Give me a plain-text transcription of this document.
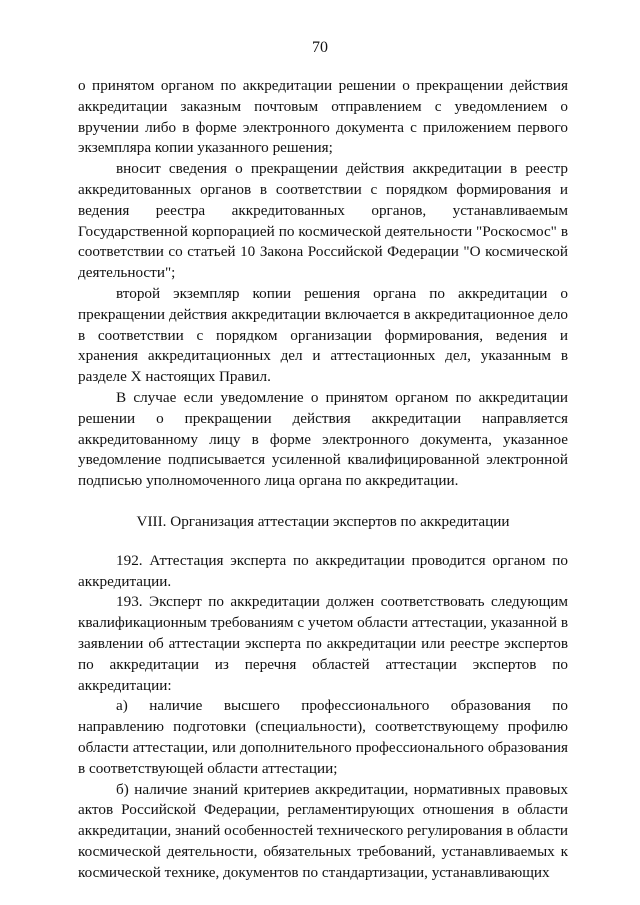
70

о принятом органом по аккредитации решении о прекращении действия аккредитации заказным почтовым отправлением с уведомлением о вручении либо в форме электронного документа с приложением первого экземпляра копии указанного решения;

вносит сведения о прекращении действия аккредитации в реестр аккредитованных органов в соответствии с порядком формирования и ведения реестра аккредитованных органов, устанавливаемым Государственной корпорацией по космической деятельности "Роскосмос" в соответствии со статьей 10 Закона Российской Федерации "О космической деятельности";

второй экземпляр копии решения органа по аккредитации о прекращении действия аккредитации включается в аккредитационное дело в соответствии с порядком организации формирования, ведения и хранения аккредитационных дел и аттестационных дел, указанным в разделе X настоящих Правил.

В случае если уведомление о принятом органом по аккредитации решении о прекращении действия аккредитации направляется аккредитованному лицу в форме электронного документа, указанное уведомление подписывается усиленной квалифицированной электронной подписью уполномоченного лица органа по аккредитации.

VIII. Организация аттестации экспертов по аккредитации

192. Аттестация эксперта по аккредитации проводится органом по аккредитации.

193. Эксперт по аккредитации должен соответствовать следующим квалификационным требованиям с учетом области аттестации, указанной в заявлении об аттестации эксперта по аккредитации или реестре экспертов по аккредитации из перечня областей аттестации экспертов по аккредитации:

а) наличие высшего профессионального образования по направлению подготовки (специальности), соответствующему профилю области аттестации, или дополнительного профессионального образования в соответствующей области аттестации;

б) наличие знаний критериев аккредитации, нормативных правовых актов Российской Федерации, регламентирующих отношения в области аккредитации, знаний особенностей технического регулирования в области космической деятельности, обязательных требований, устанавливаемых к космической технике, документов по стандартизации, устанавливающих
